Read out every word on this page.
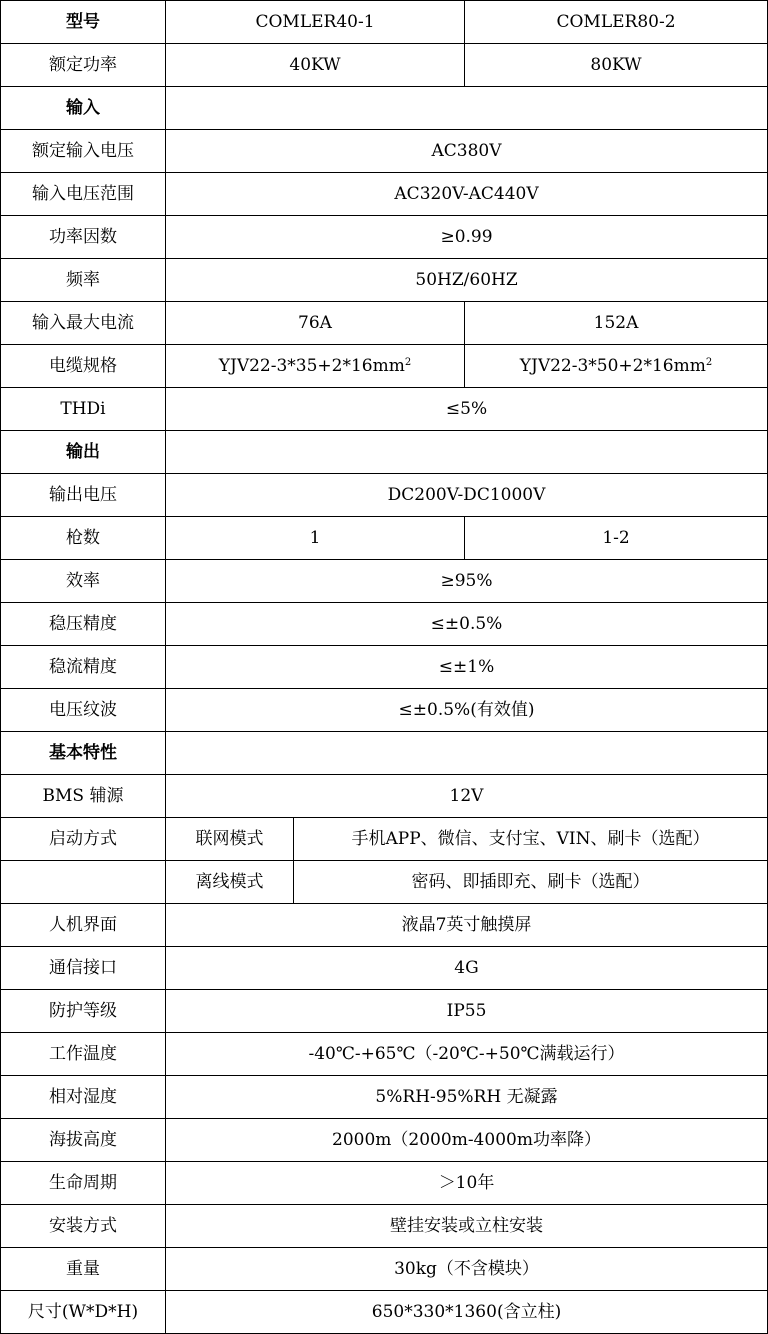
型号	COMLER40-1		COMLER80-2
额定功率	40KW		80KW
输入			
额定输入电压	AC380V		
输入电压范围	AC320V-AC440V		
功率因数	≥0.99		
频率	50HZ/60HZ		
输入最大电流	76A		152A
电缆规格	$YJV22-3*35+2*16mm^2$		$YJV22-3*50+2*16mm^2$
THDi	≤5%		
输出			
输出电压	DC200V-DC1000V		
枪数	1		1-2
效率	≥95%		
稳压精度	≤±0.5%		
稳流精度	≤±1%		
电压纹波	≤±0.5%(有效值)		
基本特性			
BMS 辅源	12V		
启动方式	联网模式	手机APP、微信、支付宝、VIN、刷卡（选配）	
	离线模式	密码、即插即充、刷卡（选配）	
人机界面	液晶7英寸触摸屏		
通信接口	4G		
防护等级	IP55		
工作温度	-40℃-+65℃（-20℃-+50℃满载运行）		
相对湿度	5%RH-95%RH 无凝露		
海拔高度	2000m（2000m-4000m功率降）		
生命周期	＞10年		
安装方式	壁挂安装或立柱安装		
重量	30kg（不含模块）		
尺寸(W*D*H)	650*330*1360(含立柱)		
